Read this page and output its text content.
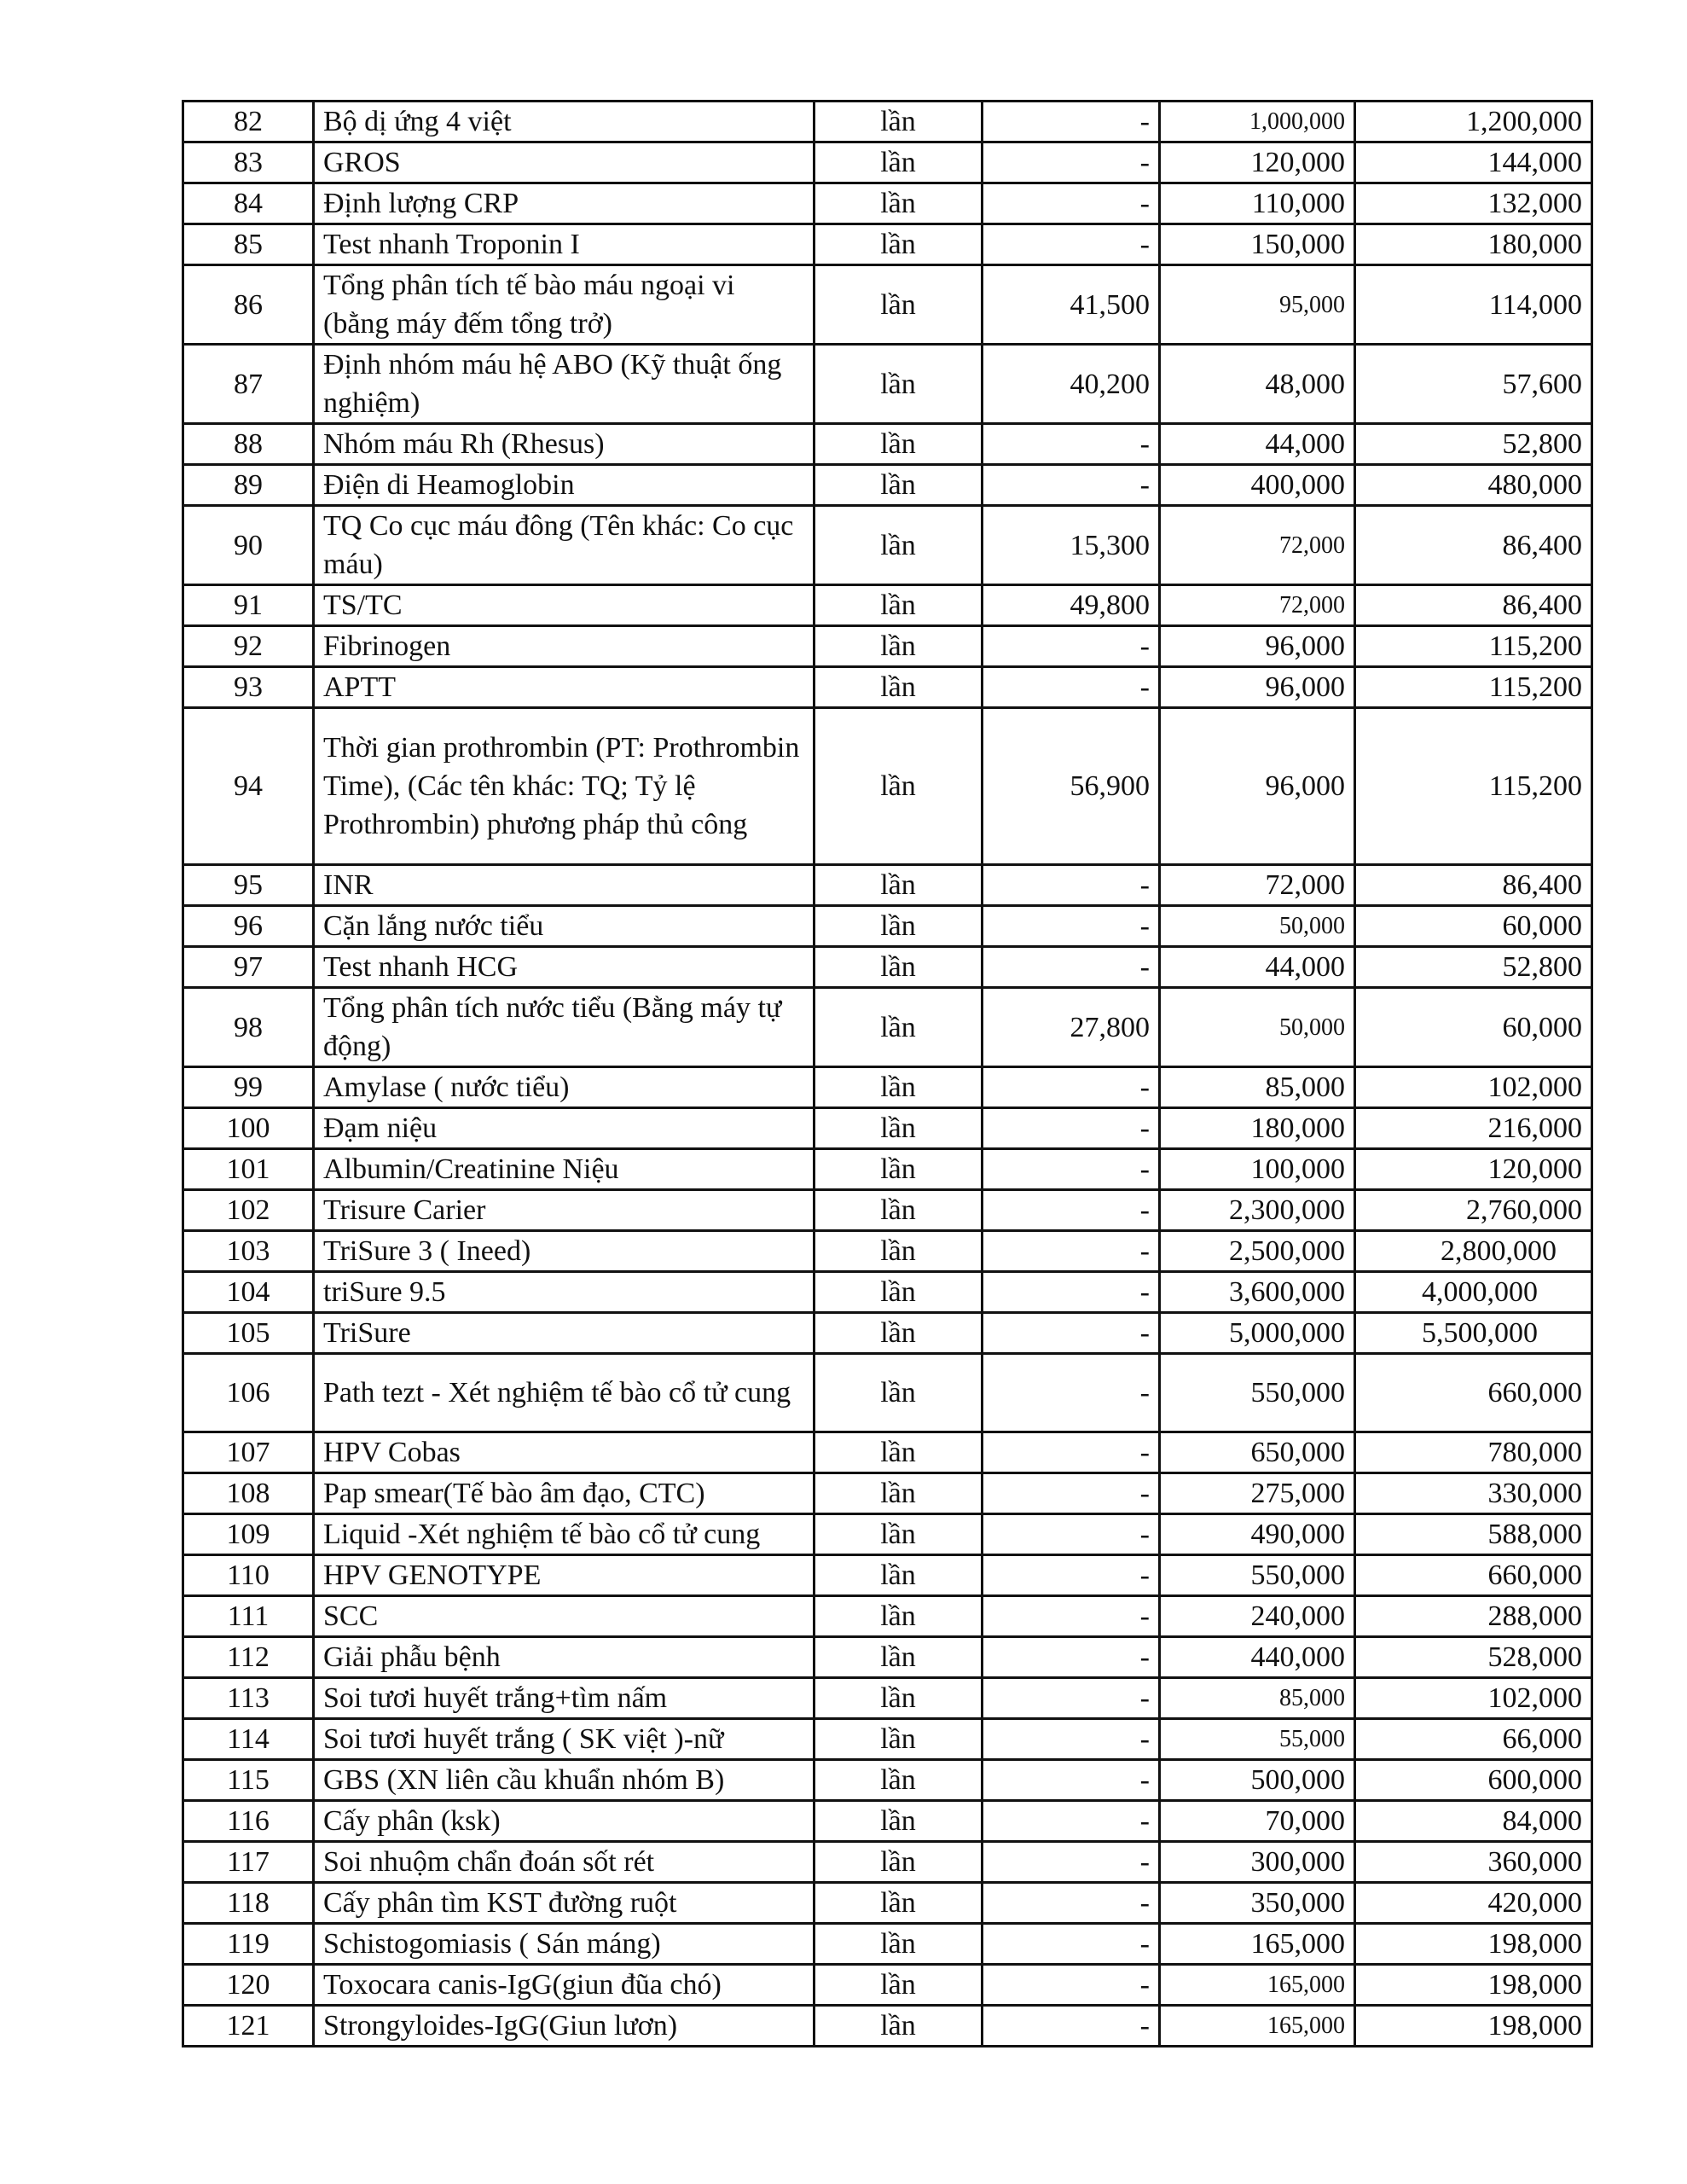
82	Bộ dị ứng 4 việt	lần	-	1,000,000	1,200,000
83	GROS	lần	-	120,000	144,000
84	Định lượng CRP	lần	-	110,000	132,000
85	Test nhanh Troponin I	lần	-	150,000	180,000
86	Tổng phân tích tế bào máu ngoại vi (bằng máy đếm tổng trở)	lần	41,500	95,000	114,000
87	Định nhóm máu hệ ABO (Kỹ thuật ống nghiệm)	lần	40,200	48,000	57,600
88	Nhóm máu Rh (Rhesus)	lần	-	44,000	52,800
89	Điện di Heamoglobin	lần	-	400,000	480,000
90	TQ Co cục máu đông (Tên khác: Co cục máu)	lần	15,300	72,000	86,400
91	TS/TC	lần	49,800	72,000	86,400
92	Fibrinogen	lần	-	96,000	115,200
93	APTT	lần	-	96,000	115,200
94	Thời gian prothrombin (PT: Prothrombin Time), (Các tên khác: TQ; Tỷ lệ Prothrombin) phương pháp thủ công	lần	56,900	96,000	115,200
95	INR	lần	-	72,000	86,400
96	Cặn lắng nước tiểu	lần	-	50,000	60,000
97	Test nhanh HCG	lần	-	44,000	52,800
98	Tổng phân tích nước tiểu (Bằng máy tự động)	lần	27,800	50,000	60,000
99	Amylase ( nước tiểu)	lần	-	85,000	102,000
100	Đạm niệu	lần	-	180,000	216,000
101	Albumin/Creatinine Niệu	lần	-	100,000	120,000
102	Trisure Carier	lần	-	2,300,000	2,760,000
103	TriSure 3 ( Ineed)	lần	-	2,500,000	2,800,000
104	triSure 9.5	lần	-	3,600,000	4,000,000
105	TriSure	lần	-	5,000,000	5,500,000
106	Path tezt - Xét nghiệm tế bào cổ tử cung	lần	-	550,000	660,000
107	HPV Cobas	lần	-	650,000	780,000
108	Pap smear(Tế bào âm đạo, CTC)	lần	-	275,000	330,000
109	Liquid -Xét nghiệm tế bào cổ tử cung	lần	-	490,000	588,000
110	HPV GENOTYPE	lần	-	550,000	660,000
111	SCC	lần	-	240,000	288,000
112	Giải phẫu bệnh	lần	-	440,000	528,000
113	Soi tươi huyết trắng+tìm nấm	lần	-	85,000	102,000
114	Soi tươi huyết trắng ( SK việt )-nữ	lần	-	55,000	66,000
115	GBS (XN liên cầu khuẩn nhóm B)	lần	-	500,000	600,000
116	Cấy phân (ksk)	lần	-	70,000	84,000
117	Soi nhuộm chẩn đoán sốt rét	lần	-	300,000	360,000
118	Cấy phân tìm KST đường ruột	lần	-	350,000	420,000
119	Schistogomiasis ( Sán máng)	lần	-	165,000	198,000
120	Toxocara canis-IgG(giun đũa chó)	lần	-	165,000	198,000
121	Strongyloides-IgG(Giun lươn)	lần	-	165,000	198,000
